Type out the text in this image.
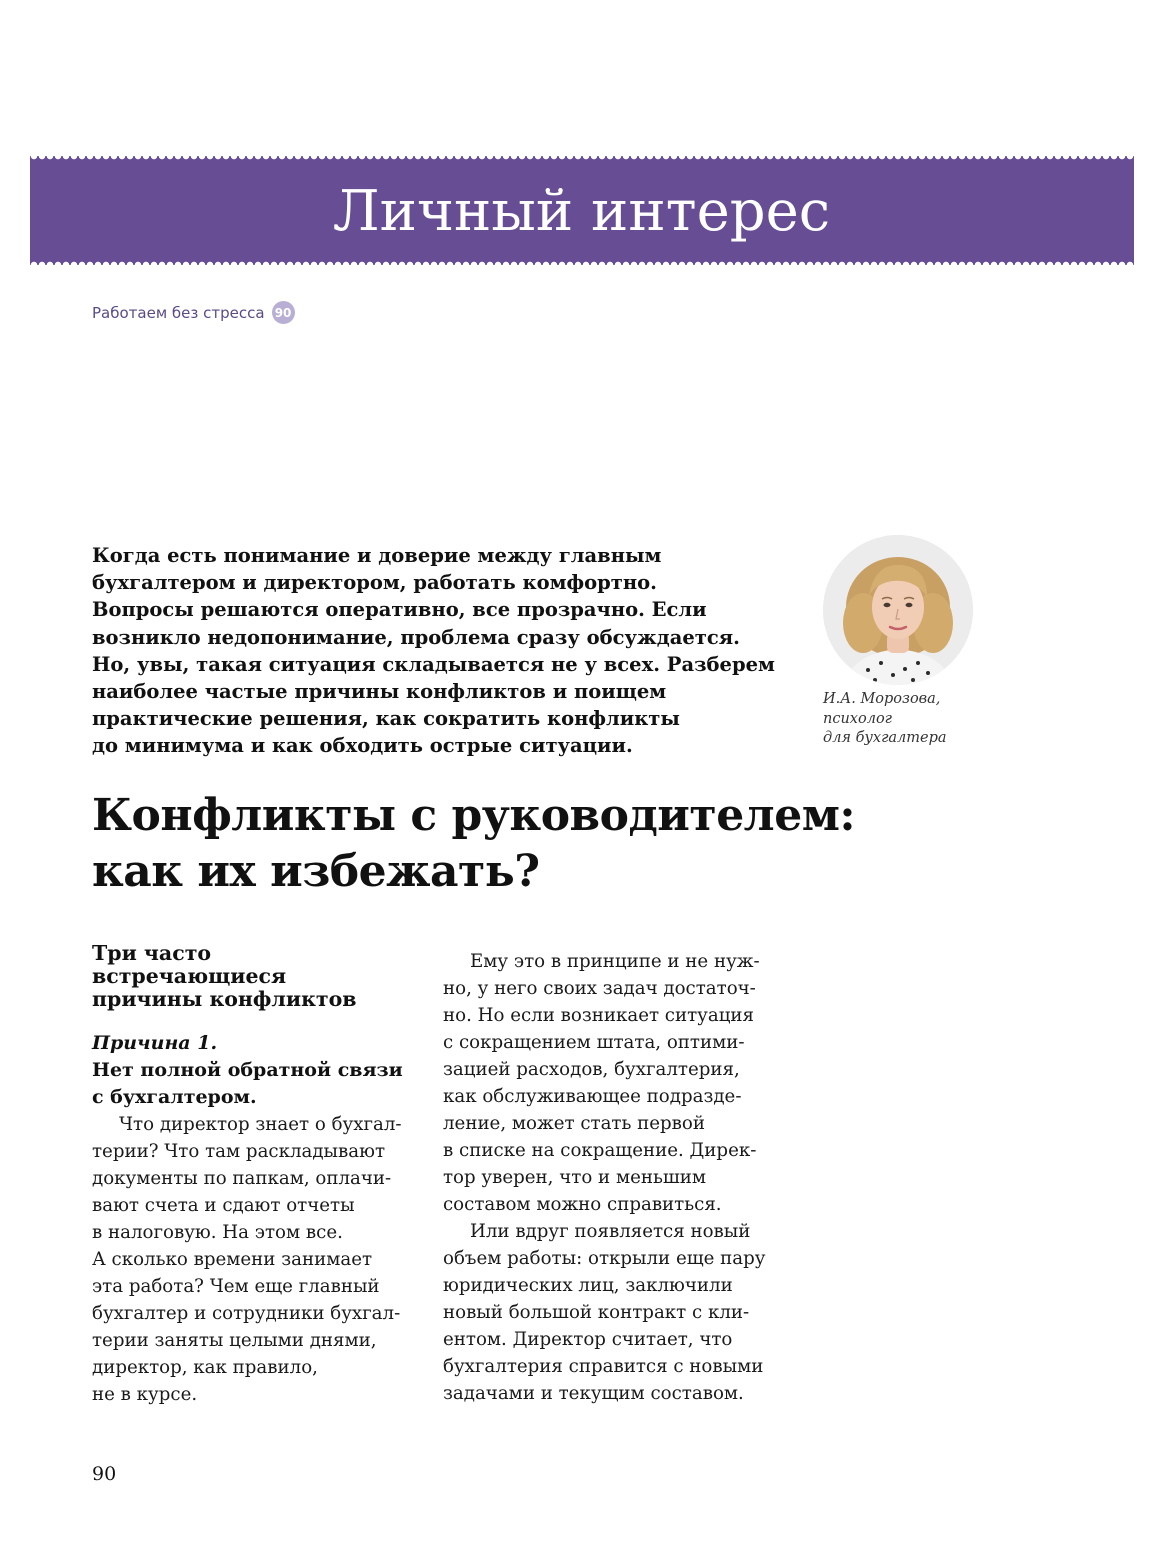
Личный интерес
Работаем без стресса 90

Когда есть понимание и доверие между главным
бухгалтером и директором, работать комфортно.
Вопросы решаются оперативно, все прозрачно. Если
возникло недопонимание, проблема сразу обсуждается.
Но, увы, такая ситуация складывается не у всех. Разберем
наиболее частые причины конфликтов и поищем
практические решения, как сократить конфликты
до минимума и как обходить острые ситуации.

И.А. Морозова,
психолог
для бухгалтера

Конфликты с руководителем:
как их избежать?
Три часто
встречающиеся
причины конфликтов
Причина 1.
Нет полной обратной связи
с бухгалтером.

Что директор знает о бухгал-
терии? Что там раскладывают
документы по папкам, оплачи-
вают счета и сдают отчеты
в налоговую. На этом все.
А сколько времени занимает
эта работа? Чем еще главный
бухгалтер и сотрудники бухгал-
терии заняты целыми днями,
директор, как правило,
не в курсе.

Ему это в принципе и не нуж-
но, у него своих задач достаточ-
но. Но если возникает ситуация
с сокращением штата, оптими-
зацией расходов, бухгалтерия,
как обслуживающее подразде-
ление, может стать первой
в списке на сокращение. Дирек-
тор уверен, что и меньшим
составом можно справиться.
Или вдруг появляется новый
объем работы: открыли еще пару
юридических лиц, заключили
новый большой контракт с кли-
ентом. Директор считает, что
бухгалтерия справится с новыми
задачами и текущим составом.

90
